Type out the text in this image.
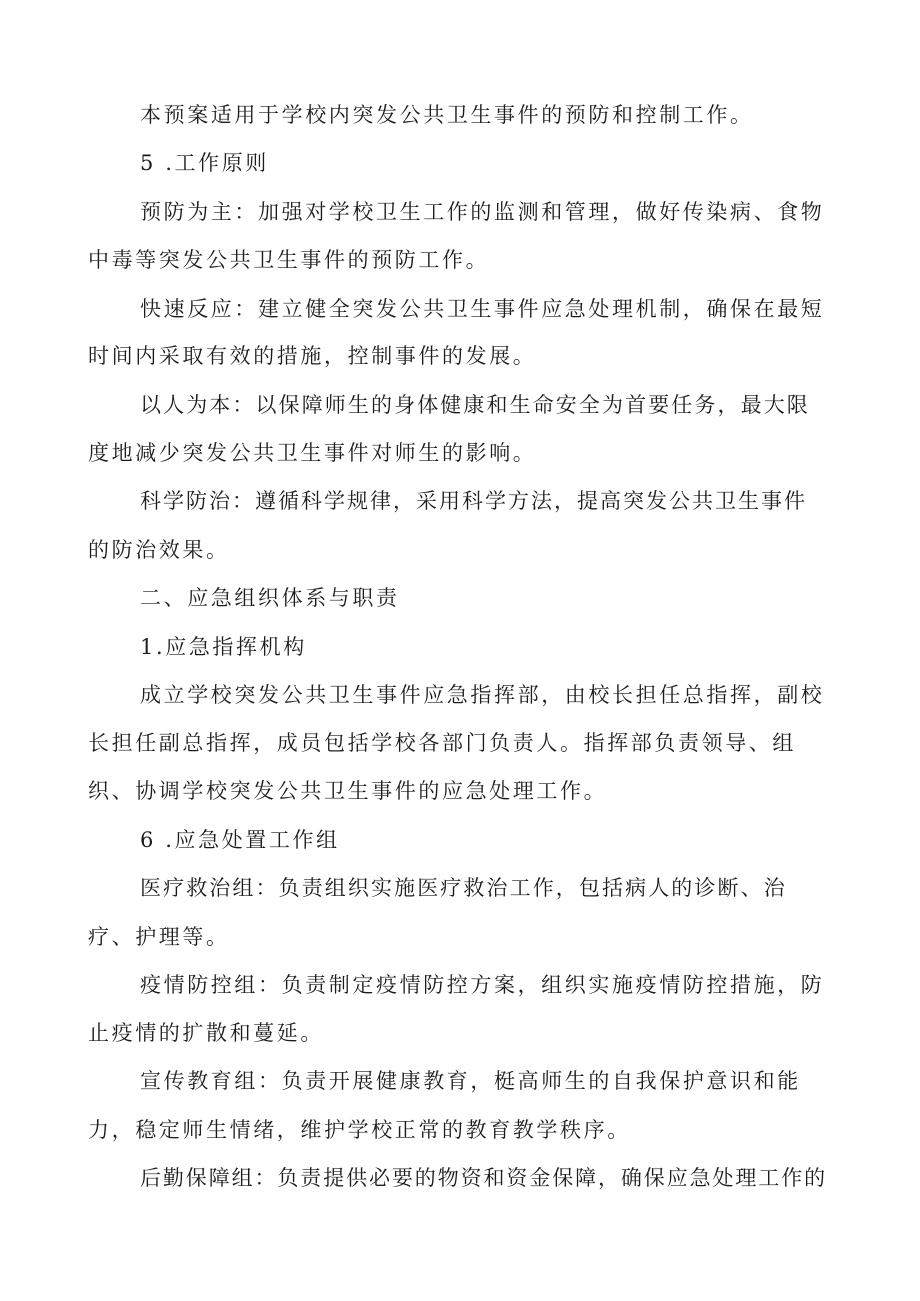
本预案适用于学校内突发公共卫生事件的预防和控制工作。

5 .工作原则

预防为主：加强对学校卫生工作的监测和管理，做好传染病、食物

中毒等突发公共卫生事件的预防工作。

快速反应：建立健全突发公共卫生事件应急处理机制，确保在最短

时间内采取有效的措施，控制事件的发展。

以人为本：以保障师生的身体健康和生命安全为首要任务，最大限

度地减少突发公共卫生事件对师生的影响。

科学防治：遵循科学规律，采用科学方法，提高突发公共卫生事件

的防治效果。

二、应急组织体系与职责

1.应急指挥机构

成立学校突发公共卫生事件应急指挥部，由校长担任总指挥，副校

长担任副总指挥，成员包括学校各部门负责人。指挥部负责领导、组

织、协调学校突发公共卫生事件的应急处理工作。

6 .应急处置工作组

医疗救治组：负责组织实施医疗救治工作，包括病人的诊断、治

疗、护理等。

疫情防控组：负责制定疫情防控方案，组织实施疫情防控措施，防

止疫情的扩散和蔓延。

宣传教育组：负责开展健康教育，梃高师生的自我保护意识和能

力，稳定师生情绪，维护学校正常的教育教学秩序。

后勤保障组：负责提供必要的物资和资金保障，确保应急处理工作的
